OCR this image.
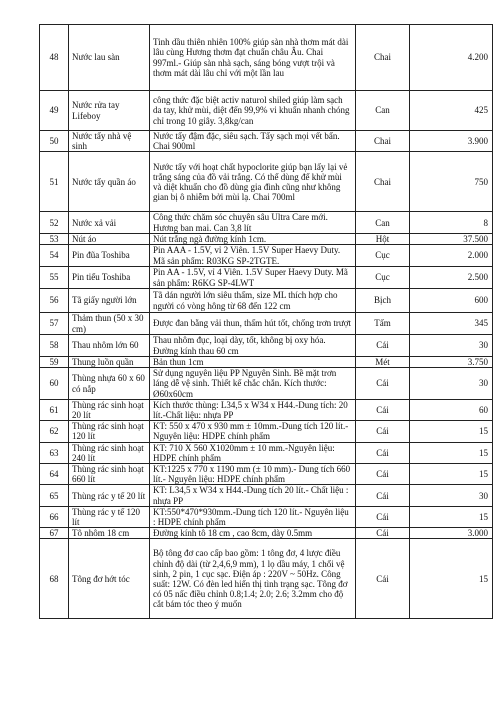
48	Nước lau sàn	Tinh dầu thiên nhiên 100% giúp sàn nhà thơm mát dài lâu cùng Hương thơm đạt chuẩn châu Âu. Chai 997ml.- Giúp sàn nhà sạch, sáng bóng vượt trội và thơm mát dài lâu chỉ với một lần lau	Chai	4.200
49	Nước rửa tay Lifeboy	công thức đặc biệt activ naturol shiled giúp làm sạch da tay, khử mùi, diệt đến 99,9% vi khuẩn nhanh chóng chỉ trong 10 giây. 3,8kg/can	Can	425
50	Nước tẩy nhà vệ sinh	Nước tẩy đậm đặc, siêu sạch. Tẩy sạch mọi vết bẩn. Chai 900ml	Chai	3.900
51	Nước tẩy quần áo	Nước tẩy với hoạt chất hypoclorite giúp bạn lấy lại vẻ trắng sáng của đồ vải trắng. Có thể dùng để khử mùi và diệt khuẩn cho đồ dùng gia đình cũng như không gian bị ô nhiễm bởi mùi lạ. Chai 700ml	Chai	750
52	Nước xả vải	Công thức chăm sóc chuyên sâu Ultra Care mới. Hương ban mai. Can 3,8 lít	Can	8
53	Nút áo	Nút trắng ngà đường kính 1cm.	Hột	37.500
54	Pin đũa Toshiba	Pin AAA - 1.5V, vỉ 2 Viên. 1.5V Super Haevy Duty. Mã sản phẩm: R03KG SP-2TGTE.	Cục	2.000
55	Pin tiểu Toshiba	Pin AA - 1.5V, vỉ 4 Viên. 1.5V Super Haevy Duty. Mã sản phẩm: R6KG SP-4LWT	Cục	2.500
56	Tã giấy người lớn	Tã dán người lớn siêu thấm, size ML thích hợp cho người có vòng hông từ 68 đến 122 cm	Bịch	600
57	Thảm thun (50 x 30 cm)	Được đan bằng vải thun, thấm hút tốt, chống trơn trượt	Tấm	345
58	Thau nhôm lớn 60	Thau nhôm đục, loại dày, tốt, không bị oxy hóa. Đường kính thau 60 cm	Cái	30
59	Thung luồn quần	Bản thun 1cm	Mét	3.750
60	Thùng nhựa 60 x 60 có nắp	Sử dụng nguyên liệu PP Nguyên Sinh. Bề mặt trơn láng dễ vệ sinh. Thiết kế chắc chắn. Kích thước: Ø60x60cm	Cái	30
61	Thùng rác sinh hoạt 20 lít	Kích thước thùng: L34,5 x W34 x H44.-Dung tích: 20 lít.-Chất liệu: nhựa PP	Cái	60
62	Thùng rác sinh hoạt 120 lít	KT: 550 x 470 x 930 mm ± 10mm.-Dung tích 120 lít.-Nguyên liệu: HDPE chính phẩm	Cái	15
63	Thùng rác sinh hoạt 240 lít	KT: 710 X 560 X1020mm ± 10 mm.-Nguyên liệu: HDPE chính phẩm	Cái	15
64	Thùng rác sinh hoạt 660 lít	KT:1225 x 770 x 1190 mm (± 10 mm).- Dung tích 660 lít.- Nguyên liệu: HDPE chính phẩm	Cái	15
65	Thùng rác y tế 20 lít	KT: L34,5 x W34 x H44.-Dung tích 20 lít.- Chất liệu : nhựa PP	Cái	30
66	Thùng rác y tế 120 lít	KT:550*470*930mm.-Dung tích 120 lít.- Nguyên liệu : HDPE chính phẩm	Cái	15
67	Tô nhôm 18 cm	Đường kính tô 18 cm , cao 8cm, dày 0.5mm	Cái	3.000
68	Tông đơ hớt tóc	Bộ tông đơ cao cấp bao gồm: 1 tông đơ, 4 lược điều chỉnh độ dài (từ 2,4,6,9 mm), 1 lọ dầu máy, 1 chổi vệ sinh, 2 pin, 1 cục sạc. Điện áp : 220V ~ 50Hz. Công suất: 12W. Có đèn led hiển thị tình trạng sạc. Tông đơ có 05 nấc điều chỉnh 0.8;1.4; 2.0; 2.6; 3.2mm cho độ cắt bám tóc theo ý muốn	Cái	15
